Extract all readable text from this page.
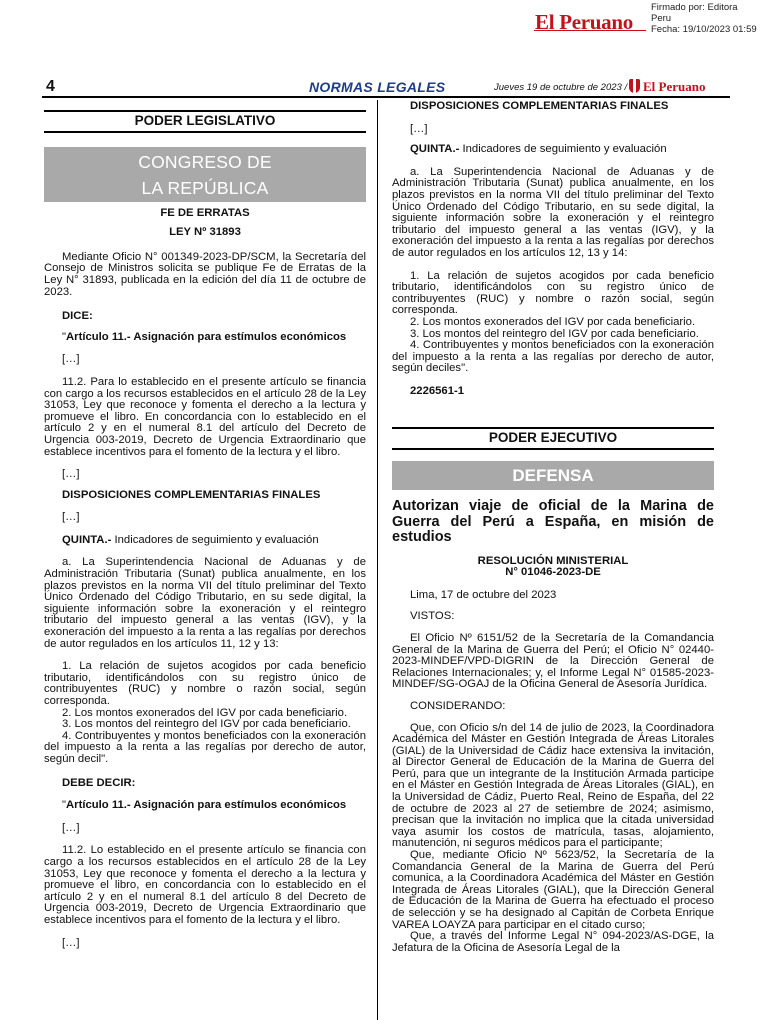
El Peruano
Firmado por: Editora
Peru
Fecha: 19/10/2023 01:59
4	NORMAS LEGALES	Jueves 19 de octubre de 2023 / El Peruano
PODER LEGISLATIVO
CONGRESO DE
LA REPÚBLICA
FE DE ERRATAS
LEY Nº 31893

Mediante Oficio N° 001349-2023-DP/SCM, la Secretaría del Consejo de Ministros solicita se publique Fe de Erratas de la Ley N° 31893, publicada en la edición del día 11 de octubre de 2023.

DICE:

"Artículo 11.- Asignación para estímulos económicos

[…]

11.2. Para lo establecido en el presente artículo se financia con cargo a los recursos establecidos en el artículo 28 de la Ley 31053, Ley que reconoce y fomenta el derecho a la lectura y promueve el libro. En concordancia con lo establecido en el artículo 2 y en el numeral 8.1 del artículo del Decreto de Urgencia 003-2019, Decreto de Urgencia Extraordinario que establece incentivos para el fomento de la lectura y el libro.

[…]

DISPOSICIONES COMPLEMENTARIAS FINALES

[…]

QUINTA.- Indicadores de seguimiento y evaluación

a. La Superintendencia Nacional de Aduanas y de Administración Tributaria (Sunat) publica anualmente, en los plazos previstos en la norma VII del título preliminar del Texto Único Ordenado del Código Tributario, en su sede digital, la siguiente información sobre la exoneración y el reintegro tributario del impuesto general a las ventas (IGV), y la exoneración del impuesto a la renta a las regalías por derechos de autor regulados en los artículos 11, 12 y 13:

1. La relación de sujetos acogidos por cada beneficio tributario, identificándolos con su registro único de contribuyentes (RUC) y nombre o razón social, según corresponda.

2. Los montos exonerados del IGV por cada beneficiario.

3. Los montos del reintegro del IGV por cada beneficiario.

4. Contribuyentes y montos beneficiados con la exoneración del impuesto a la renta a las regalías por derecho de autor, según decil".

DEBE DECIR:

"Artículo 11.- Asignación para estímulos económicos

[…]

11.2. Lo establecido en el presente artículo se financia con cargo a los recursos establecidos en el artículo 28 de la Ley 31053, Ley que reconoce y fomenta el derecho a la lectura y promueve el libro, en concordancia con lo establecido en el artículo 2 y en el numeral 8.1 del artículo 8 del Decreto de Urgencia 003-2019, Decreto de Urgencia Extraordinario que establece incentivos para el fomento de la lectura y el libro.

[…]

DISPOSICIONES COMPLEMENTARIAS FINALES

[…]

QUINTA.- Indicadores de seguimiento y evaluación

a. La Superintendencia Nacional de Aduanas y de Administración Tributaria (Sunat) publica anualmente, en los plazos previstos en la norma VII del título preliminar del Texto Único Ordenado del Código Tributario, en su sede digital, la siguiente información sobre la exoneración y el reintegro tributario del impuesto general a las ventas (IGV), y la exoneración del impuesto a la renta a las regalías por derechos de autor regulados en los artículos 12, 13 y 14:

1. La relación de sujetos acogidos por cada beneficio tributario, identificándolos con su registro único de contribuyentes (RUC) y nombre o razón social, según corresponda.

2. Los montos exonerados del IGV por cada beneficiario.

3. Los montos del reintegro del IGV por cada beneficiario.

4. Contribuyentes y montos beneficiados con la exoneración del impuesto a la renta a las regalías por derecho de autor, según deciles".

2226561-1

PODER EJECUTIVO
DEFENSA

Autorizan viaje de oficial de la Marina de Guerra del Perú a España, en misión de estudios

RESOLUCIÓN MINISTERIAL
N° 01046-2023-DE

Lima, 17 de octubre del 2023

VISTOS:

El Oficio Nº 6151/52 de la Secretaría de la Comandancia General de la Marina de Guerra del Perú; el Oficio N° 02440-2023-MINDEF/VPD-DIGRIN de la Dirección General de Relaciones Internacionales; y, el Informe Legal N° 01585-2023-MINDEF/SG-OGAJ de la Oficina General de Asesoría Jurídica.

CONSIDERANDO:

Que, con Oficio s/n del 14 de julio de 2023, la Coordinadora Académica del Máster en Gestión Integrada de Áreas Litorales (GIAL) de la Universidad de Cádiz hace extensiva la invitación, al Director General de Educación de la Marina de Guerra del Perú, para que un integrante de la Institución Armada participe en el Máster en Gestión Integrada de Áreas Litorales (GIAL), en la Universidad de Cádiz, Puerto Real, Reino de España, del 22 de octubre de 2023 al 27 de setiembre de 2024; asimismo, precisan que la invitación no implica que la citada universidad vaya asumir los costos de matrícula, tasas, alojamiento, manutención, ni seguros médicos para el participante;

Que, mediante Oficio Nº 5623/52, la Secretaría de la Comandancia General de la Marina de Guerra del Perú comunica, a la Coordinadora Académica del Máster en Gestión Integrada de Áreas Litorales (GIAL), que la Dirección General de Educación de la Marina de Guerra ha efectuado el proceso de selección y se ha designado al Capitán de Corbeta Enrique VAREA LOAYZA para participar en el citado curso;

Que, a través del Informe Legal N° 094-2023/AS-DGE, la Jefatura de la Oficina de Asesoría Legal de la
